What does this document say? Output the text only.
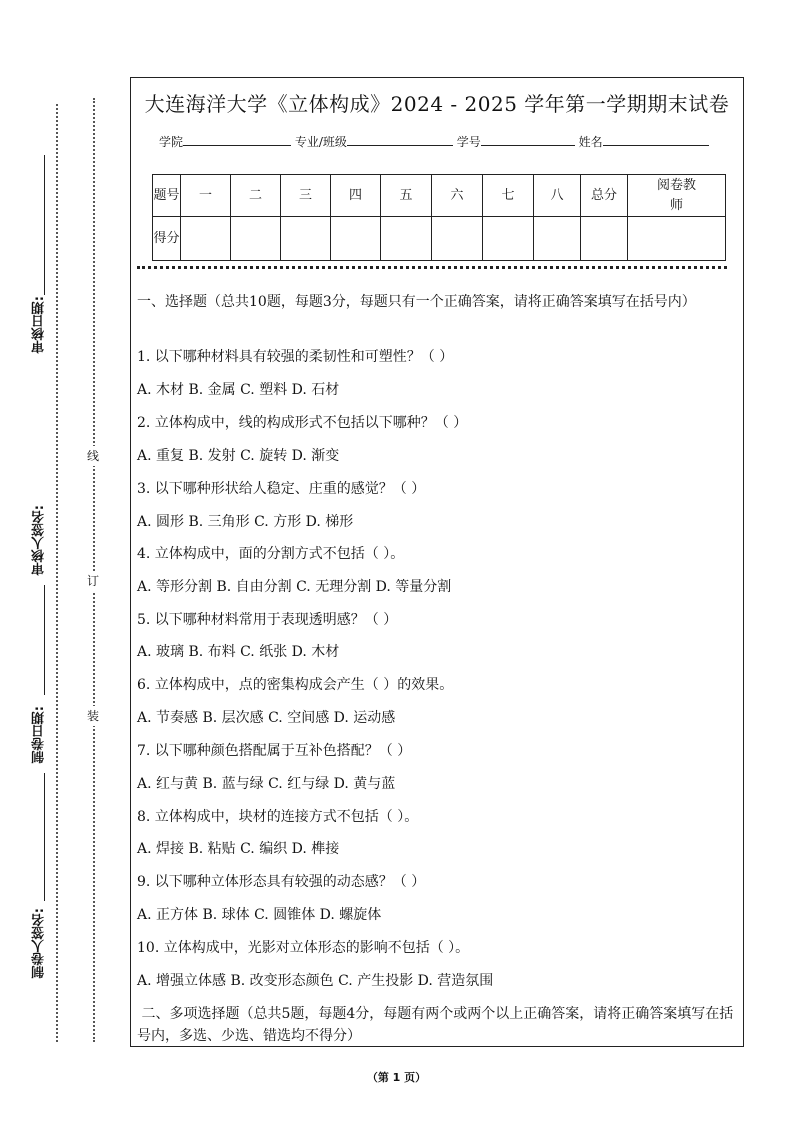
审核日期:
审核人签名:
制卷日期:
制卷人签名:
线
订
装
大连海洋大学《立体构成》2024 - 2025 学年第一学期期末试卷
学院	专业/班级	学号	姓名
题号	一	二	三	四	五	六	七	八	总分	阅卷教师
得分										
一、选择题（总共10题，每题3分，每题只有一个正确答案，请将正确答案填写在括号内）
1. 以下哪种材料具有较强的柔韧性和可塑性？（ ）
A. 木材 B. 金属 C. 塑料 D. 石材
2. 立体构成中，线的构成形式不包括以下哪种？（ ）
A. 重复 B. 发射 C. 旋转 D. 渐变
3. 以下哪种形状给人稳定、庄重的感觉？（ ）
A. 圆形 B. 三角形 C. 方形 D. 梯形
4. 立体构成中，面的分割方式不包括（ ）。
A. 等形分割 B. 自由分割 C. 无理分割 D. 等量分割
5. 以下哪种材料常用于表现透明感？（ ）
A. 玻璃 B. 布料 C. 纸张 D. 木材
6. 立体构成中，点的密集构成会产生（ ）的效果。
A. 节奏感 B. 层次感 C. 空间感 D. 运动感
7. 以下哪种颜色搭配属于互补色搭配？（ ）
A. 红与黄 B. 蓝与绿 C. 红与绿 D. 黄与蓝
8. 立体构成中，块材的连接方式不包括（ ）。
A. 焊接 B. 粘贴 C. 编织 D. 榫接
9. 以下哪种立体形态具有较强的动态感？（ ）
A. 正方体 B. 球体 C. 圆锥体 D. 螺旋体
10. 立体构成中，光影对立体形态的影响不包括（ ）。
A. 增强立体感 B. 改变形态颜色 C. 产生投影 D. 营造氛围
二、多项选择题（总共5题，每题4分，每题有两个或两个以上正确答案，请将正确答案填写在括号内，多选、少选、错选均不得分）
（第 1 页）
